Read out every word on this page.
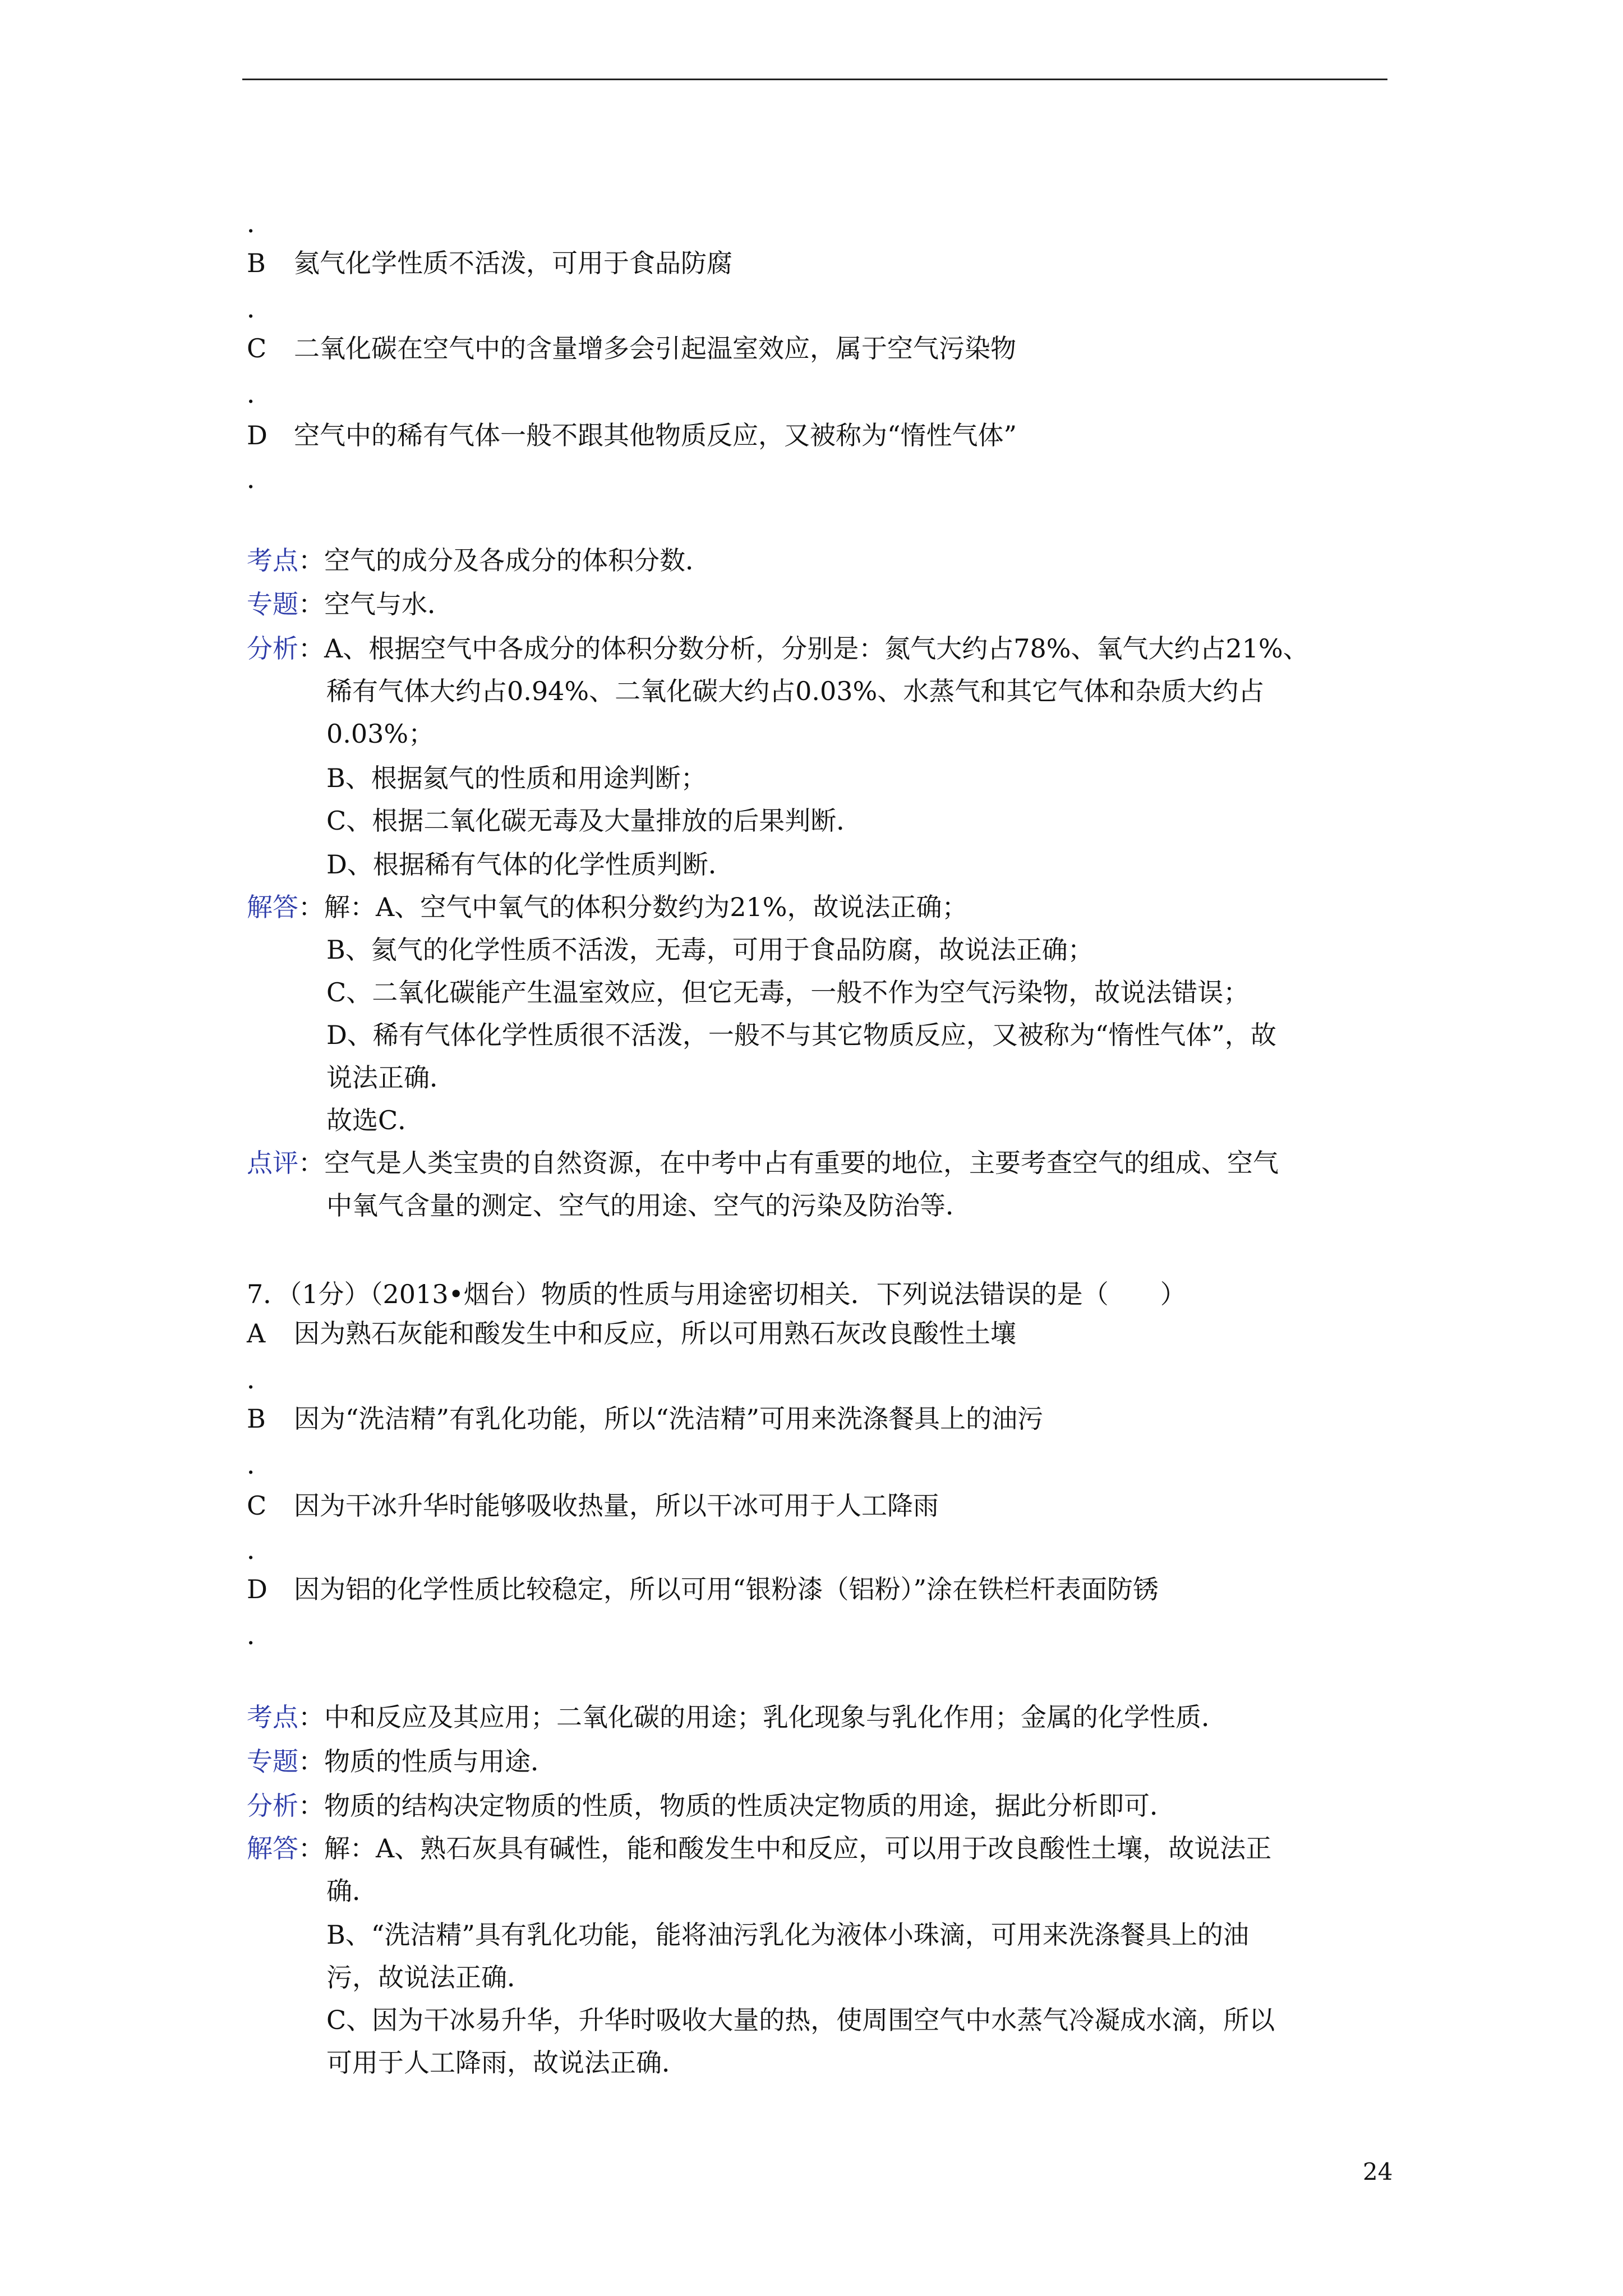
．
B 氦气化学性质不活泼，可用于食品防腐
．
C 二氧化碳在空气中的含量增多会引起温室效应，属于空气污染物
．
D 空气中的稀有气体一般不跟其他物质反应，又被称为“惰性气体”
．
考点：空气的成分及各成分的体积分数．
专题：空气与水．
分析：A、根据空气中各成分的体积分数分析，分别是：氮气大约占78%、氧气大约占21%、
稀有气体大约占0.94%、二氧化碳大约占0.03%、水蒸气和其它气体和杂质大约占
0.03%；
B、根据氦气的性质和用途判断；
C、根据二氧化碳无毒及大量排放的后果判断．
D、根据稀有气体的化学性质判断．
解答：解：A、空气中氧气的体积分数约为21%，故说法正确；
B、氦气的化学性质不活泼，无毒，可用于食品防腐，故说法正确；
C、二氧化碳能产生温室效应，但它无毒，一般不作为空气污染物，故说法错误；
D、稀有气体化学性质很不活泼，一般不与其它物质反应，又被称为“惰性气体”，故
说法正确．
故选C．
点评：空气是人类宝贵的自然资源，在中考中占有重要的地位，主要考查空气的组成、空气
中氧气含量的测定、空气的用途、空气的污染及防治等．
7．（1分）（2013•烟台）物质的性质与用途密切相关．下列说法错误的是（　　）
A 因为熟石灰能和酸发生中和反应，所以可用熟石灰改良酸性土壤
．
B 因为“洗洁精”有乳化功能，所以“洗洁精”可用来洗涤餐具上的油污
．
C 因为干冰升华时能够吸收热量，所以干冰可用于人工降雨
．
D 因为铝的化学性质比较稳定，所以可用“银粉漆（铝粉）”涂在铁栏杆表面防锈
．
考点：中和反应及其应用；二氧化碳的用途；乳化现象与乳化作用；金属的化学性质．
专题：物质的性质与用途．
分析：物质的结构决定物质的性质，物质的性质决定物质的用途，据此分析即可．
解答：解：A、熟石灰具有碱性，能和酸发生中和反应，可以用于改良酸性土壤，故说法正
确．
B、“洗洁精”具有乳化功能，能将油污乳化为液体小珠滴，可用来洗涤餐具上的油
污，故说法正确．
C、因为干冰易升华，升华时吸收大量的热，使周围空气中水蒸气冷凝成水滴，所以
可用于人工降雨，故说法正确．
24
